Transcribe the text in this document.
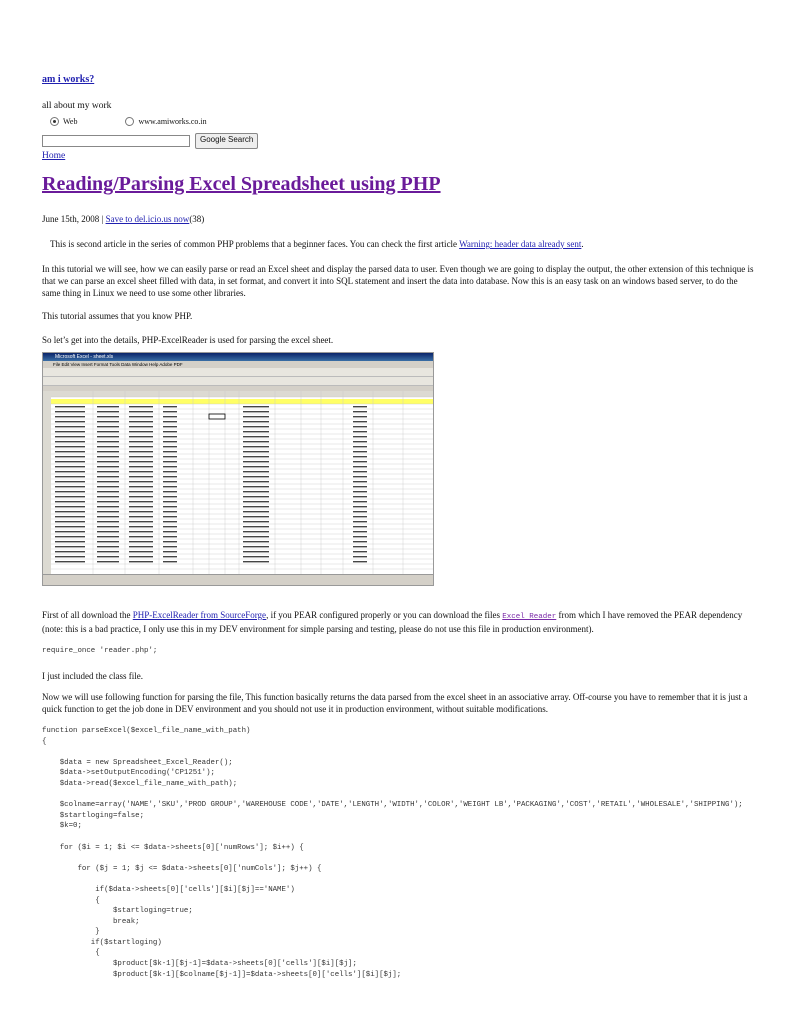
am i works?
all about my work
Web	www.amiworks.co.in
Google Search
Home
Reading/Parsing Excel Spreadsheet using PHP
June 15th, 2008 | Save to del.icio.us now(38)

This is second article in the series of common PHP problems that a beginner faces. You can check the first article Warning: header data already sent.

In this tutorial we will see, how we can easily parse or read an Excel sheet and display the parsed data to user. Even though we are going to display the output, the other extension of this technique is that we can parse an excel sheet filled with data, in set format, and convert it into SQL statement and insert the data into database. Now this is an easy task on an windows based server, to do the same thing in Linux we need to use some other libraries.

This tutorial assumes that you know PHP.

So let’s get into the details, PHP-ExcelReader is used for parsing the excel sheet.

Microsoft Excel - sheet.xls
File Edit View Insert Format Tools Data Window Help Adobe PDF

First of all download the PHP-ExcelReader from SourceForge, if you PEAR configured properly or you can download the files Excel Reader from which I have removed the PEAR dependency (note: this is a bad practice, I only use this in my DEV environment for simple parsing and testing, please do not use this file in production environment).

require_once 'reader.php';

I just included the class file.

Now we will use following function for parsing the file, This function basically returns the data parsed from the excel sheet in an associative array. Off-course you have to remember that it is just a quick function to get the job done in DEV environment and you should not use it in production environment, without suitable modifications.

function parseExcel($excel_file_name_with_path)
{

$data = new Spreadsheet_Excel_Reader();
$data->setOutputEncoding('CP1251');
$data->read($excel_file_name_with_path);

$colname=array('NAME','SKU','PROD GROUP','WAREHOUSE CODE','DATE','LENGTH','WIDTH','COLOR','WEIGHT LB','PACKAGING','COST','RETAIL','WHOLESALE','SHIPPING');
$startloging=false;
$k=0;

for ($i = 1; $i <= $data->sheets[0]['numRows']; $i++) {

for ($j = 1; $j <= $data->sheets[0]['numCols']; $j++) {

if($data->sheets[0]['cells'][$i][$j]=='NAME')
{
$startloging=true;
break;
}
if($startloging)
{
$product[$k-1][$j-1]=$data->sheets[0]['cells'][$i][$j];
$product[$k-1][$colname[$j-1]]=$data->sheets[0]['cells'][$i][$j];
